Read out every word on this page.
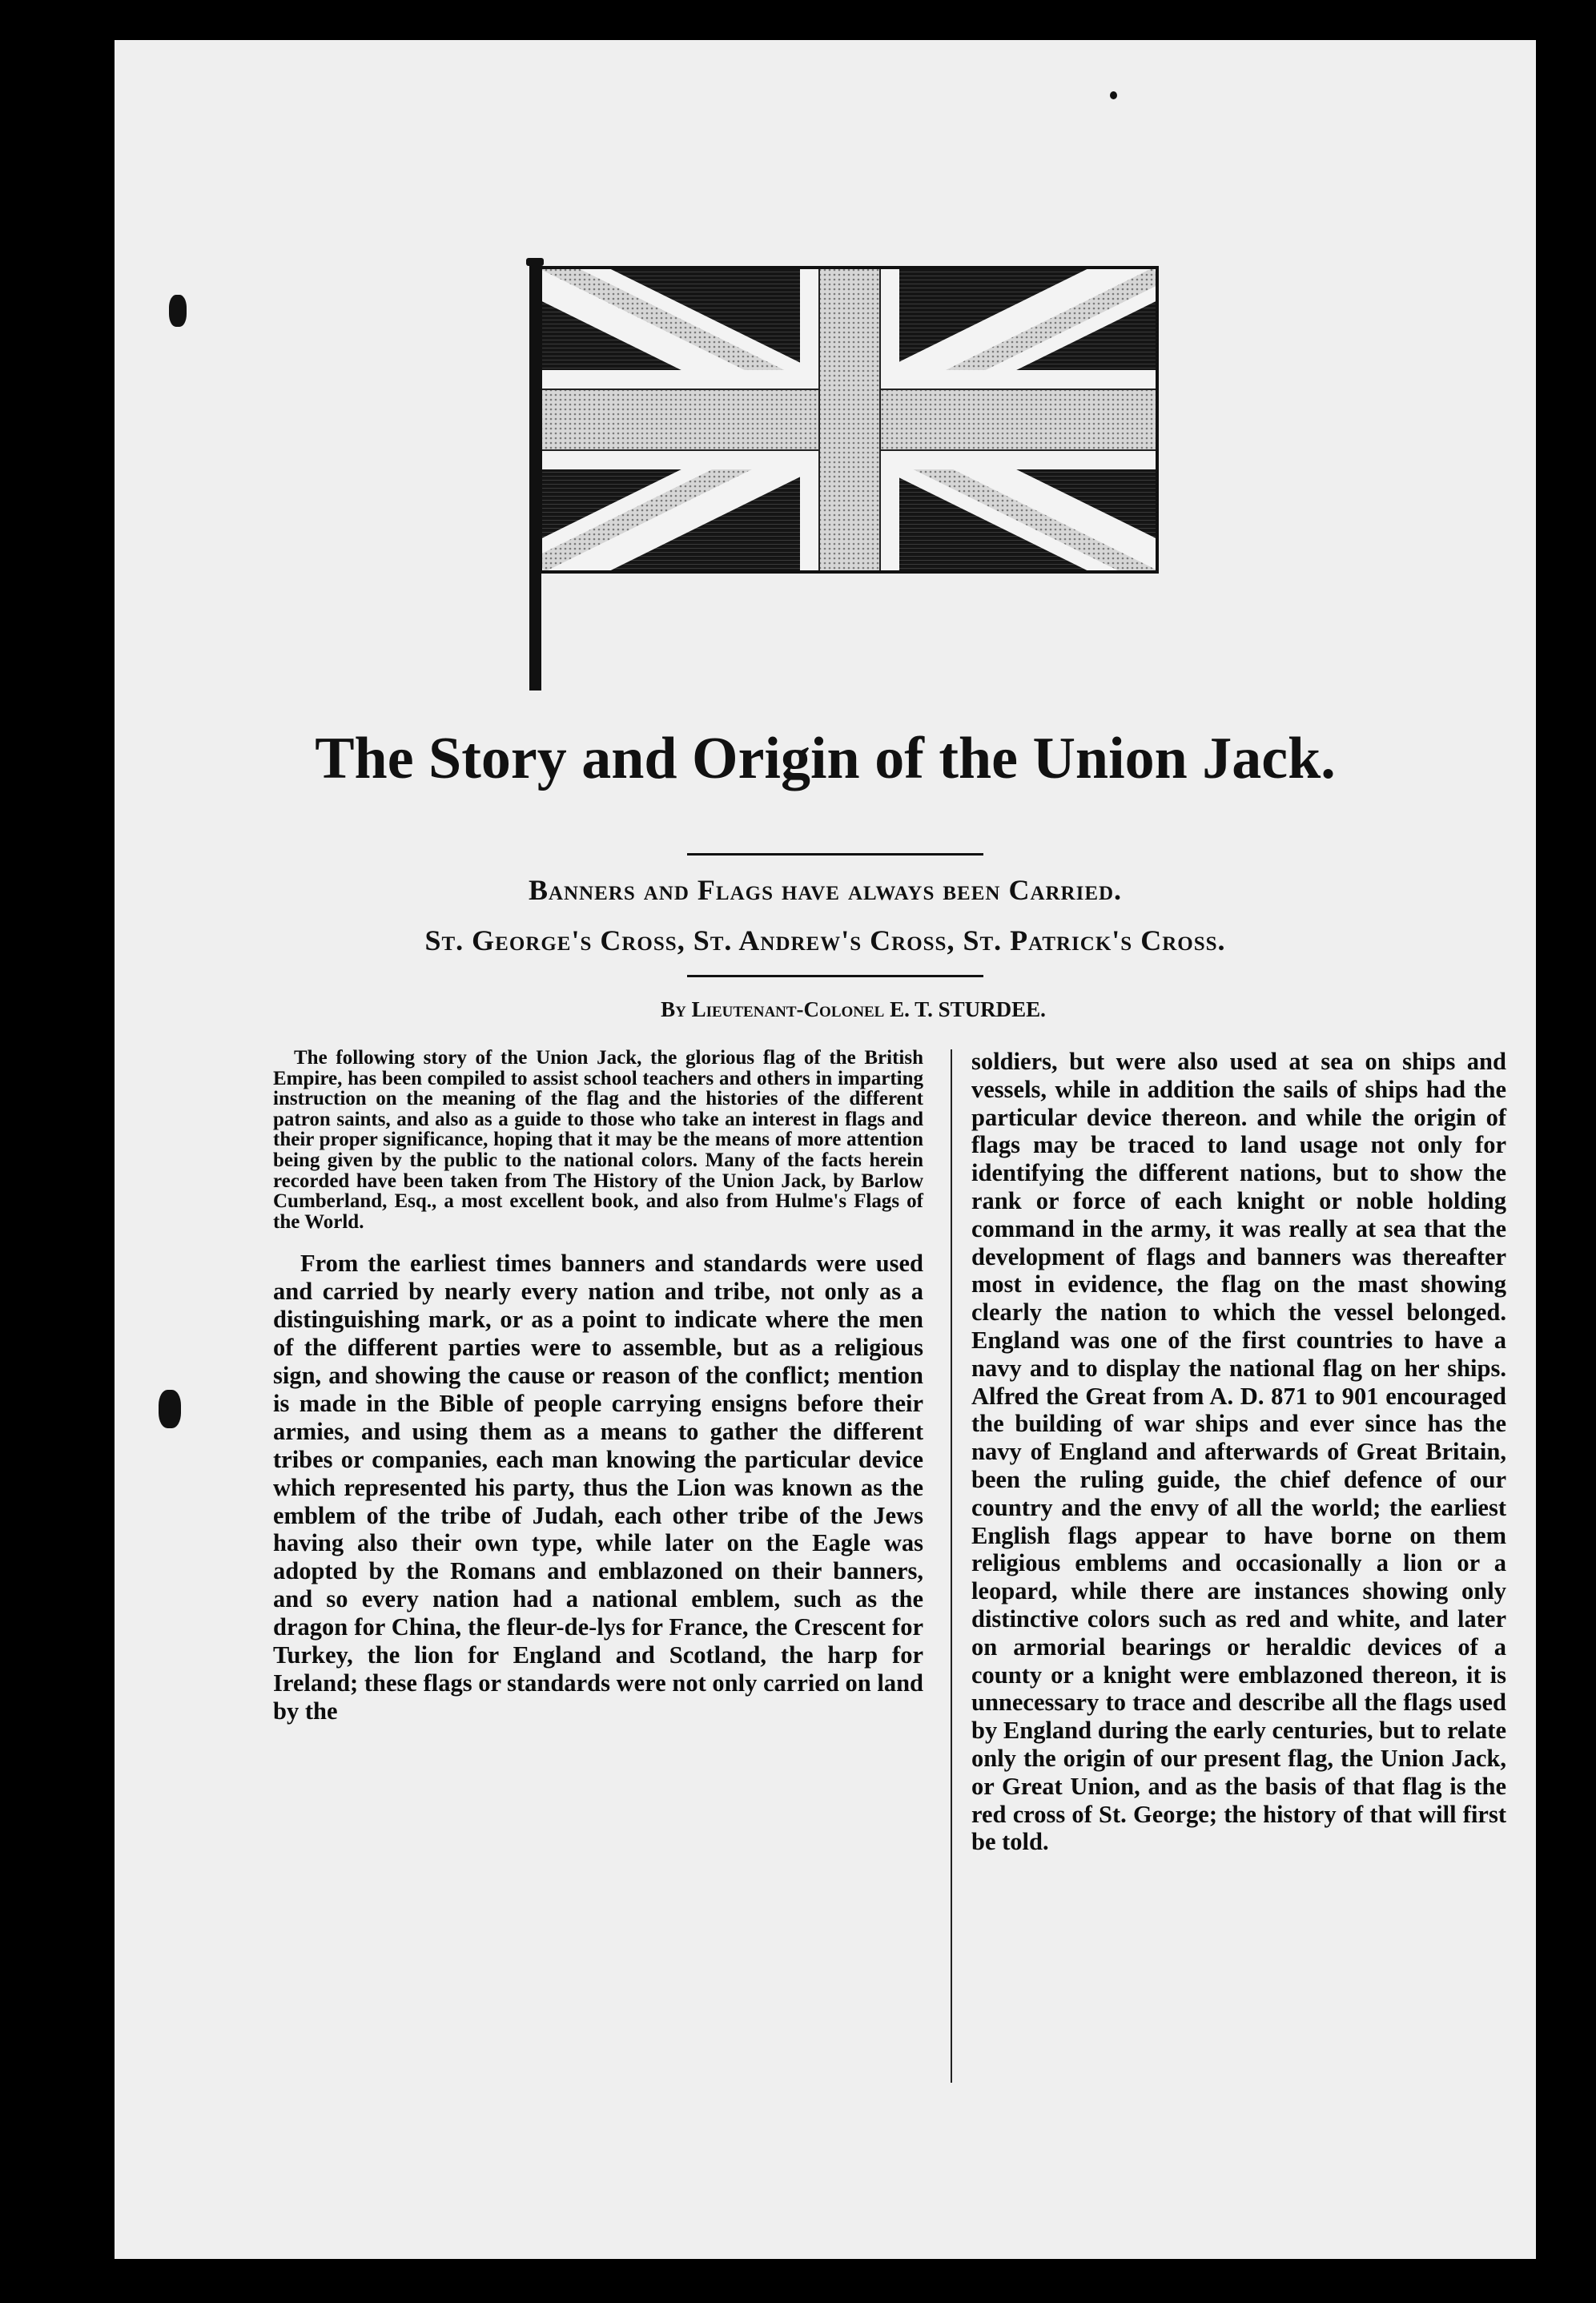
The Story and Origin of the Union Jack.
Banners and Flags have always been Carried.
St. George's Cross, St. Andrew's Cross, St. Patrick's Cross.
By Lieutenant-Colonel E. T. STURDEE.

The following story of the Union Jack, the glorious flag of the British Empire, has been compiled to assist school teachers and others in imparting instruction on the meaning of the flag and the histories of the different patron saints, and also as a guide to those who take an interest in flags and their proper significance, hoping that it may be the means of more attention being given by the public to the national colors. Many of the facts herein recorded have been taken from The History of the Union Jack, by Barlow Cumberland, Esq., a most excellent book, and also from Hulme's Flags of the World.

From the earliest times banners and standards were used and carried by nearly every nation and tribe, not only as a distinguishing mark, or as a point to indicate where the men of the different parties were to assemble, but as a religious sign, and showing the cause or reason of the conflict; mention is made in the Bible of people carrying ensigns before their armies, and using them as a means to gather the different tribes or companies, each man knowing the particular device which represented his party, thus the Lion was known as the emblem of the tribe of Judah, each other tribe of the Jews having also their own type, while later on the Eagle was adopted by the Romans and emblazoned on their banners, and so every nation had a national emblem, such as the dragon for China, the fleur-de-lys for France, the Crescent for Turkey, the lion for England and Scotland, the harp for Ireland; these flags or standards were not only carried on land by the

soldiers, but were also used at sea on ships and vessels, while in addition the sails of ships had the particular device thereon. and while the origin of flags may be traced to land usage not only for identifying the different nations, but to show the rank or force of each knight or noble holding command in the army, it was really at sea that the development of flags and banners was thereafter most in evidence, the flag on the mast showing clearly the nation to which the vessel belonged. England was one of the first countries to have a navy and to display the national flag on her ships. Alfred the Great from A. D. 871 to 901 encouraged the building of war ships and ever since has the navy of England and afterwards of Great Britain, been the ruling guide, the chief defence of our country and the envy of all the world; the earliest English flags appear to have borne on them religious emblems and occasionally a lion or a leopard, while there are instances showing only distinctive colors such as red and white, and later on armorial bearings or heraldic devices of a county or a knight were emblazoned thereon, it is unnecessary to trace and describe all the flags used by England during the early centuries, but to relate only the origin of our present flag, the Union Jack, or Great Union, and as the basis of that flag is the red cross of St. George; the history of that will first be told.
